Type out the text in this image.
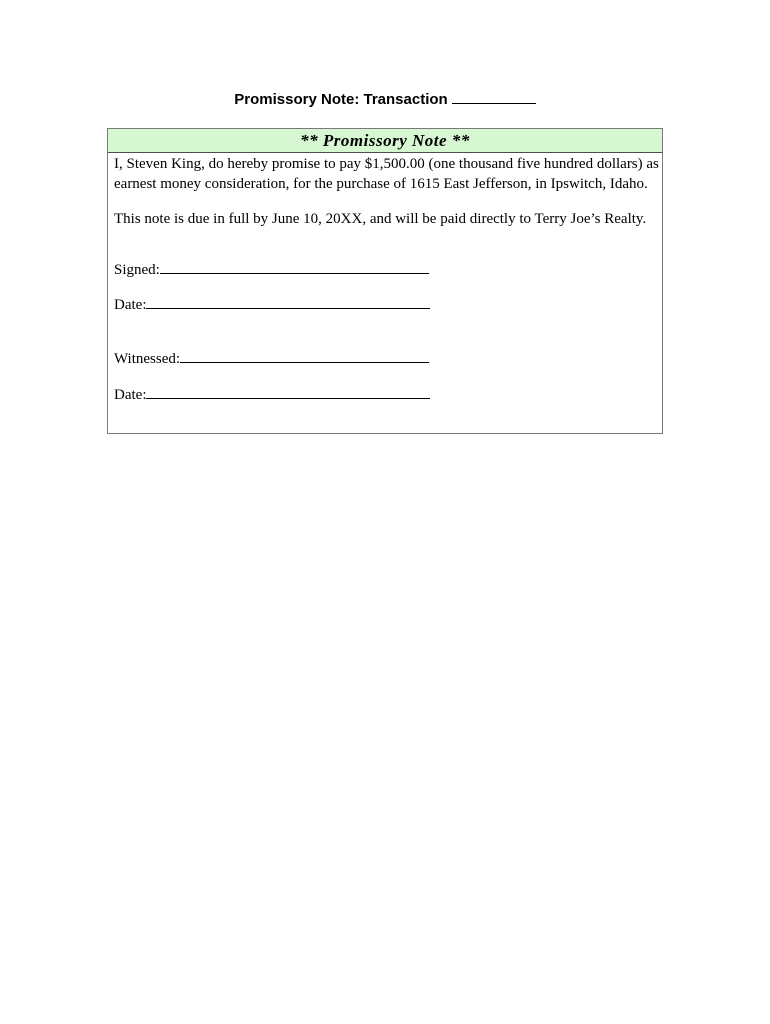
Promissory Note: Transaction
** Promissory Note **

I, Steven King, do hereby promise to pay $1,500.00 (one thousand five hundred dollars) as earnest money consideration, for the purchase of 1615 East Jefferson, in Ipswitch, Idaho.

This note is due in full by June 10, 20XX, and will be paid directly to Terry Joe’s Realty.

Signed:
Date:
Witnessed:
Date:
